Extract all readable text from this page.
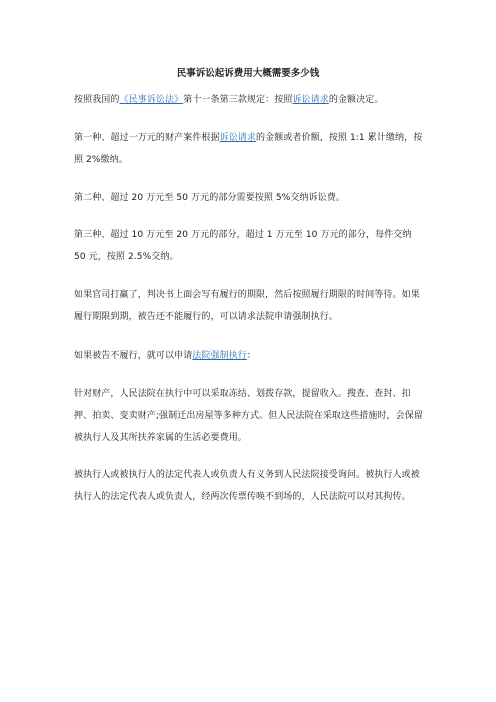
民事诉讼起诉费用大概需要多少钱
按照我国的《民事诉讼法》第十一条第三款规定：按照诉讼请求的金额决定。
第一种、超过一万元的财产案件根据诉讼请求的金额或者价额，按照 1:1 累计缴纳，按照 2%缴纳。
第二种、超过 20 万元至 50 万元的部分需要按照 5%交纳诉讼费。
第三种、超过 10 万元至 20 万元的部分，超过 1 万元至 10 万元的部分，每件交纳 50 元，按照 2.5%交纳。
如果官司打赢了，判决书上面会写有履行的期限，然后按照履行期限的时间等待。如果履行期限到期，被告还不能履行的，可以请求法院申请强制执行。
如果被告不履行，就可以申请法院强制执行：
针对财产，人民法院在执行中可以采取冻结、划拨存款，提留收入。搜查、查封、扣押、拍卖、变卖财产;强制迁出房屋等多种方式。但人民法院在采取这些措施时，会保留被执行人及其所扶养家属的生活必要费用。
被执行人或被执行人的法定代表人或负责人有义务到人民法院接受询问。被执行人或被执行人的法定代表人或负责人，经两次传票传唤不到场的，人民法院可以对其拘传。
